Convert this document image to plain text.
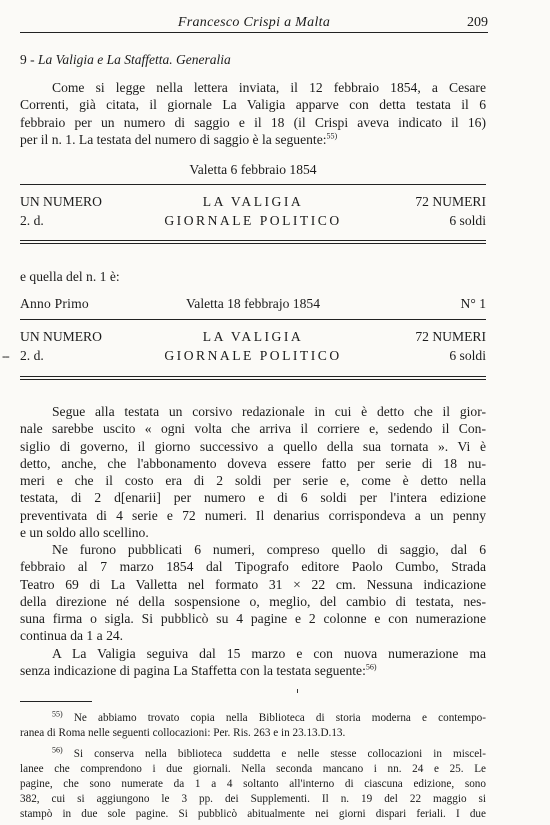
Francesco Crispi a Malta	209
9 - La Valigia e La Staffetta. Generalia
Come si legge nella lettera inviata, il 12 febbraio 1854, a Cesare
Correnti, già citata, il giornale La Valigia apparve con detta testata il 6
febbraio per un numero di saggio e il 18 (il Crispi aveva indicato il 16)
per il n. 1. La testata del numero di saggio è la seguente:$^{55)}$
Valetta 6 febbraio 1854
UN NUMERO	LA VALIGIA	72 NUMERI
2. d.	GIORNALE POLITICO	6 soldi
e quella del n. 1 è:
Anno Primo	Valetta 18 febbrajo 1854	N° 1
UN NUMERO	LA VALIGIA	72 NUMERI
2. d.	GIORNALE POLITICO	6 soldi
--
Segue alla testata un corsivo redazionale in cui è detto che il gior-
nale sarebbe uscito « ogni volta che arriva il corriere e, sedendo il Con-
siglio di governo, il giorno successivo a quello della sua tornata ». Vi è
detto, anche, che l'abbonamento doveva essere fatto per serie di 18 nu-
meri e che il costo era di 2 soldi per serie e, come è detto nella
testata, di 2 d[enarii] per numero e di 6 soldi per l'intera edizione
preventivata di 4 serie e 72 numeri. Il denarius corrispondeva a un penny
e un soldo allo scellino.
Ne furono pubblicati 6 numeri, compreso quello di saggio, dal 6
febbraio al 7 marzo 1854 dal Tipografo editore Paolo Cumbo, Strada
Teatro 69 di La Valletta nel formato 31 × 22 cm. Nessuna indicazione
della direzione né della sospensione o, meglio, del cambio di testata, nes-
suna firma o sigla. Si pubblicò su 4 pagine e 2 colonne e con numerazione
continua da 1 a 24.
A La Valigia seguiva dal 15 marzo e con nuova numerazione ma
senza indicazione di pagina La Staffetta con la testata seguente:$^{56)}$
$^{55)}$ Ne abbiamo trovato copia nella Biblioteca di storia moderna e contempo-
ranea di Roma nelle seguenti collocazioni: Per. Ris. 263 e in 23.13.D.13.
$^{56)}$ Si conserva nella biblioteca suddetta e nelle stesse collocazioni in miscel-
lanee che comprendono i due giornali. Nella seconda mancano i nn. 24 e 25. Le
pagine, che sono numerate da 1 a 4 soltanto all'interno di ciascuna edizione, sono
382, cui si aggiungono le 3 pp. dei Supplementi. Il n. 19 del 22 maggio si
stampò in due sole pagine. Si pubblicò abitualmente nei giorni dispari feriali. I due
